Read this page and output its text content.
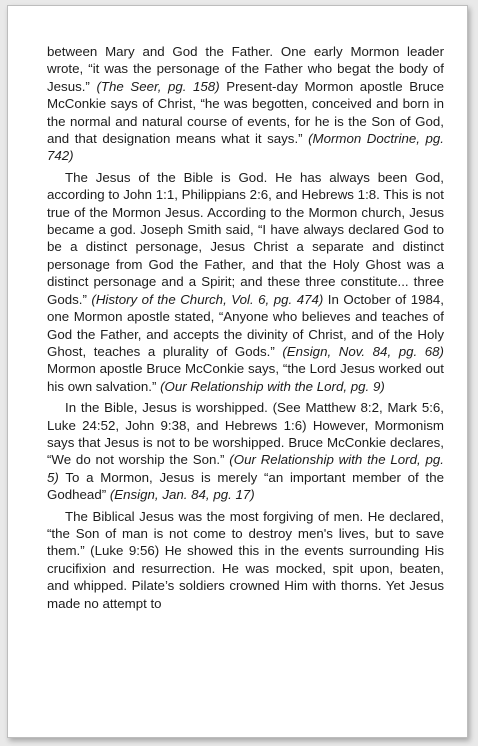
between Mary and God the Father. One early Mormon leader wrote, “it was the personage of the Father who begat the body of Jesus.” (The Seer, pg. 158) Present-day Mormon apostle Bruce McConkie says of Christ, “he was begotten, conceived and born in the normal and natural course of events, for he is the Son of God, and that designation means what it says.” (Mormon Doctrine, pg. 742)

The Jesus of the Bible is God. He has always been God, according to John 1:1, Philippians 2:6, and Hebrews 1:8. This is not true of the Mormon Jesus. According to the Mormon church, Jesus became a god. Joseph Smith said, “I have always declared God to be a distinct personage, Jesus Christ a separate and distinct personage from God the Father, and that the Holy Ghost was a distinct personage and a Spirit; and these three constitute... three Gods.” (History of the Church, Vol. 6, pg. 474) In October of 1984, one Mormon apostle stated, “Anyone who believes and teaches of God the Father, and accepts the divinity of Christ, and of the Holy Ghost, teaches a plurality of Gods.” (Ensign, Nov. 84, pg. 68) Mormon apostle Bruce McConkie says, “the Lord Jesus worked out his own salvation.” (Our Relationship with the Lord, pg. 9)

In the Bible, Jesus is worshipped. (See Matthew 8:2, Mark 5:6, Luke 24:52, John 9:38, and Hebrews 1:6) However, Mormonism says that Jesus is not to be worshipped. Bruce McConkie declares, “We do not worship the Son.” (Our Relationship with the Lord, pg. 5) To a Mormon, Jesus is merely “an important member of the Godhead” (Ensign, Jan. 84, pg. 17)

The Biblical Jesus was the most forgiving of men. He declared, “the Son of man is not come to destroy men's lives, but to save them.” (Luke 9:56) He showed this in the events surrounding His crucifixion and resurrection. He was mocked, spit upon, beaten, and whipped. Pilate’s soldiers crowned Him with thorns. Yet Jesus made no attempt to
